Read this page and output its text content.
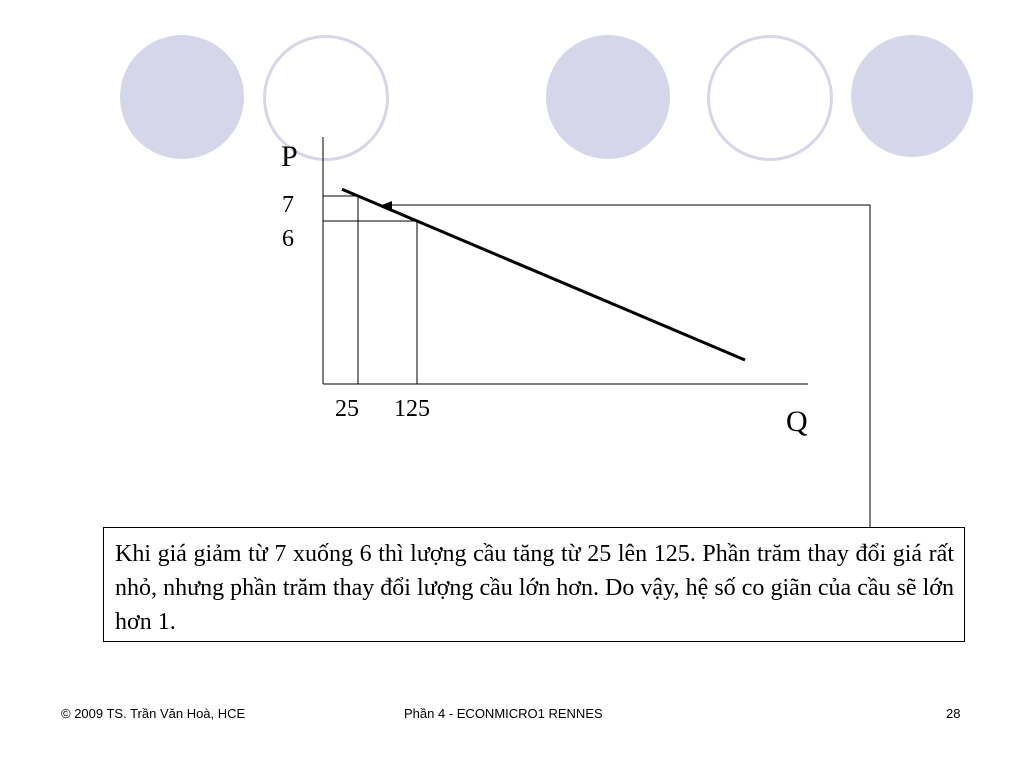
P
Q
7
6
25 125
Khi giá giảm từ 7 xuống 6 thì lượng cầu tăng từ 25 lên 125. Phần trăm thay đổi giá rất nhỏ, nhưng phần trăm thay đổi lượng cầu lớn hơn. Do vậy, hệ số co giãn của cầu sẽ lớn hơn 1.
© 2009 TS. Trần Văn Hoà, HCE	Phần 4 - ECONMICRO1 RENNES	28
